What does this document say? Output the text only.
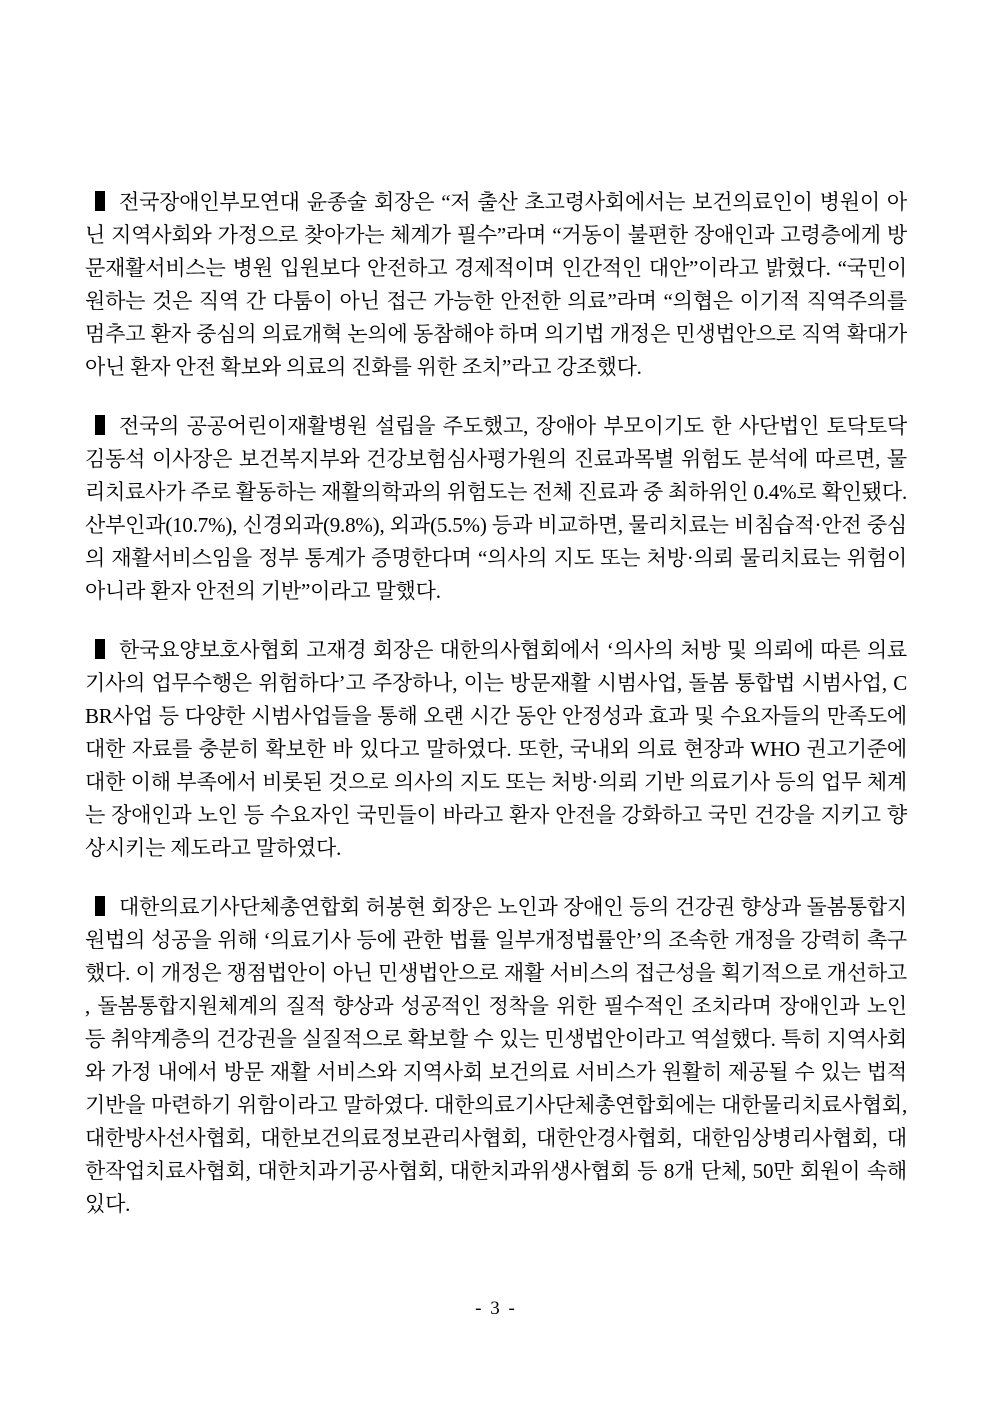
전국장애인부모연대 윤종술 회장은 “저 출산 초고령사회에서는 보건의료인이 병원이 아닌 지역사회와 가정으로 찾아가는 체계가 필수”라며 “거동이 불편한 장애인과 고령층에게 방문재활서비스는 병원 입원보다 안전하고 경제적이며 인간적인 대안”이라고 밝혔다. “국민이 원하는 것은 직역 간 다툼이 아닌 접근 가능한 안전한 의료”라며 “의협은 이기적 직역주의를 멈추고 환자 중심의 의료개혁 논의에 동참해야 하며 의기법 개정은 민생법안으로 직역 확대가 아닌 환자 안전 확보와 의료의 진화를 위한 조치”라고 강조했다.

전국의 공공어린이재활병원 설립을 주도했고, 장애아 부모이기도 한 사단법인 토닥토닥 김동석 이사장은 보건복지부와 건강보험심사평가원의 진료과목별 위험도 분석에 따르면, 물리치료사가 주로 활동하는 재활의학과의 위험도는 전체 진료과 중 최하위인 0.4%로 확인됐다. 산부인과(10.7%), 신경외과(9.8%), 외과(5.5%) 등과 비교하면, 물리치료는 비침습적·안전 중심의 재활서비스임을 정부 통계가 증명한다며 “의사의 지도 또는 처방·의뢰 물리치료는 위험이 아니라 환자 안전의 기반”이라고 말했다.

한국요양보호사협회 고재경 회장은 대한의사협회에서 ‘의사의 처방 및 의뢰에 따른 의료기사의 업무수행은 위험하다’고 주장하나, 이는 방문재활 시범사업, 돌봄 통합법 시범사업, CBR사업 등 다양한 시범사업들을 통해 오랜 시간 동안 안정성과 효과 및 수요자들의 만족도에 대한 자료를 충분히 확보한 바 있다고 말하였다. 또한, 국내외 의료 현장과 WHO 권고기준에 대한 이해 부족에서 비롯된 것으로 의사의 지도 또는 처방·의뢰 기반 의료기사 등의 업무 체계는 장애인과 노인 등 수요자인 국민들이 바라고 환자 안전을 강화하고 국민 건강을 지키고 향상시키는 제도라고 말하였다.

대한의료기사단체총연합회 허봉현 회장은 노인과 장애인 등의 건강권 향상과 돌봄통합지원법의 성공을 위해 ‘의료기사 등에 관한 법률 일부개정법률안’의 조속한 개정을 강력히 촉구했다. 이 개정은 쟁점법안이 아닌 민생법안으로 재활 서비스의 접근성을 획기적으로 개선하고, 돌봄통합지원체계의 질적 향상과 성공적인 정착을 위한 필수적인 조치라며 장애인과 노인 등 취약계층의 건강권을 실질적으로 확보할 수 있는 민생법안이라고 역설했다. 특히 지역사회와 가정 내에서 방문 재활 서비스와 지역사회 보건의료 서비스가 원활히 제공될 수 있는 법적 기반을 마련하기 위함이라고 말하였다. 대한의료기사단체총연합회에는 대한물리치료사협회, 대한방사선사협회, 대한보건의료정보관리사협회, 대한안경사협회, 대한임상병리사협회, 대한작업치료사협회, 대한치과기공사협회, 대한치과위생사협회 등 8개 단체, 50만 회원이 속해있다.

- 3 -
